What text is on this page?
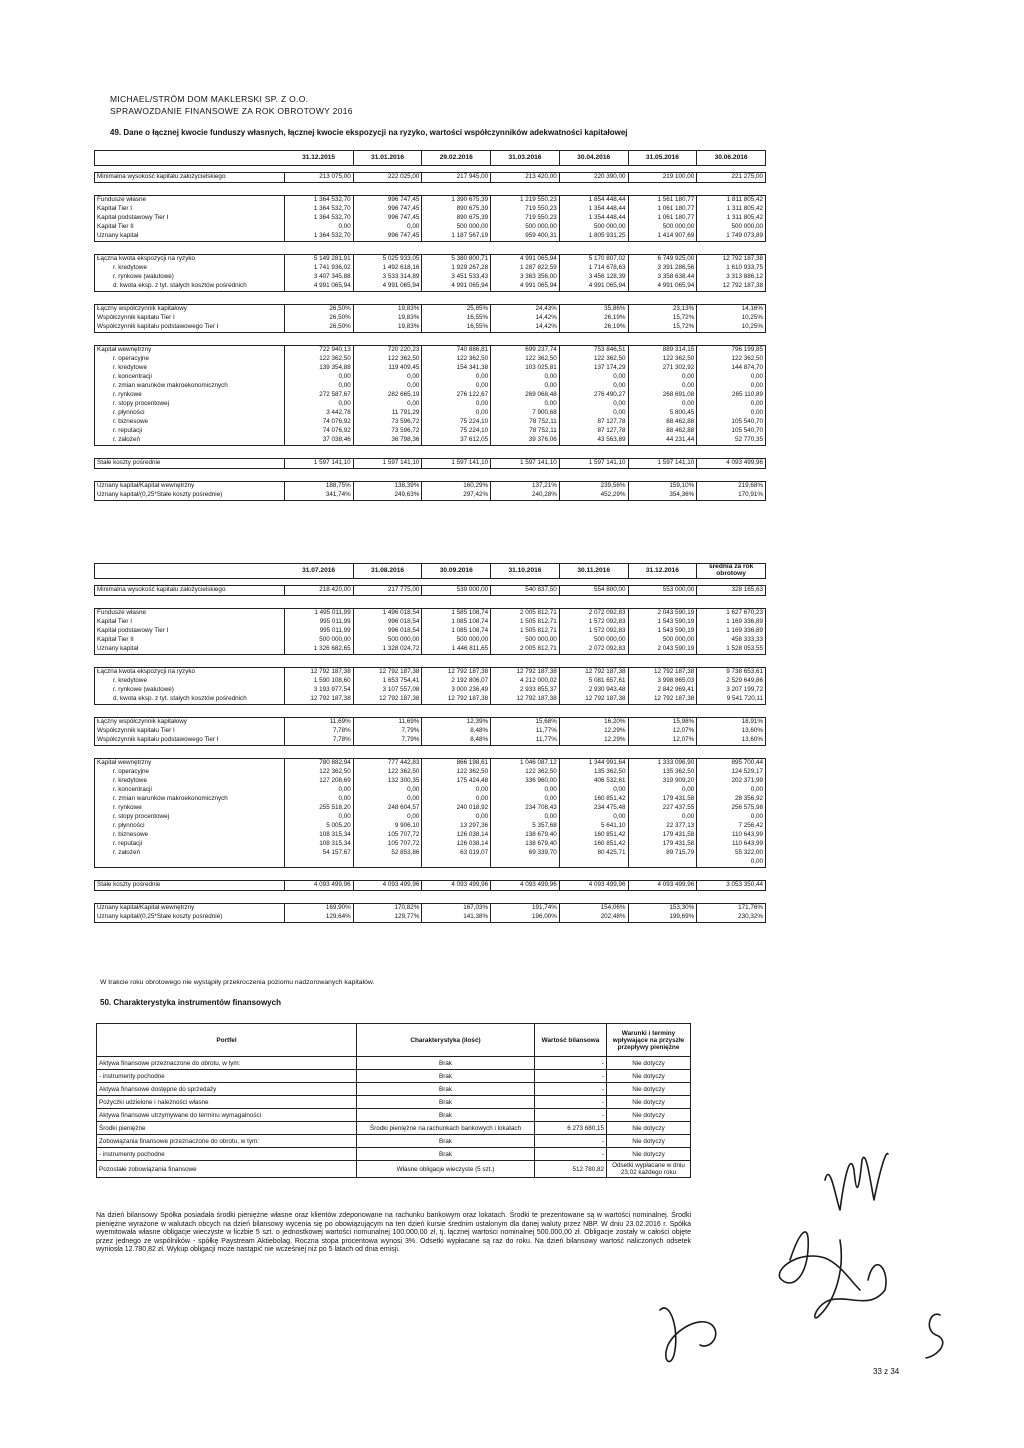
MICHAEL/STRÖM DOM MAKLERSKI SP. Z O.O.
SPRAWOZDANIE FINANSOWE ZA ROK OBROTOWY 2016
49. Dane o łącznej kwocie funduszy własnych, łącznej kwocie ekspozycji na ryzyko, wartości współczynników adekwatności kapitałowej
	31.12.2015	31.01.2016	29.02.2016	31.03.2016	30.04.2016	31.05.2016	30.06.2016

Minimalna wysokość kapitału założycielskiego	213 075,00	222 025,00	217 945,00	213 420,00	220 390,00	219 100,00	221 275,00

Fundusze własne	1 364 532,70	996 747,45	1 390 675,39	1 219 550,23	1 854 448,44	1 561 180,77	1 811 805,42
Kapitał Tier I	1 364 532,70	996 747,45	890 675,39	719 550,23	1 354 448,44	1 061 180,77	1 311 805,42
Kapitał podstawowy Tier I	1 364 532,70	996 747,45	890 675,39	719 550,23	1 354 448,44	1 061 180,77	1 311 805,42
Kapitał Tier II	0,00	0,00	500 000,00	500 000,00	500 000,00	500 000,00	500 000,00
Uznany kapitał	1 364 532,70	996 747,45	1 187 567,19	959 400,31	1 805 931,25	1 414 907,69	1 749 073,89

Łączna kwota ekspozycji na ryzyko	5 149 281,91	5 025 933,05	5 380 800,71	4 991 065,94	5 170 807,02	6 749 925,00	12 792 187,38
r. kredytowe	1 741 936,02	1 492 618,16	1 929 267,28	1 287 822,59	1 714 678,63	3 391 286,56	1 610 933,75
r. rynkowe (walutowe)	3 407 345,88	3 533 314,89	3 451 533,43	3 363 356,00	3 456 128,39	3 358 638,44	3 313 886,12
d. kwota eksp. z tyt. stałych kosztów pośrednich	4 991 065,94	4 991 065,94	4 991 065,94	4 991 065,94	4 991 065,94	4 991 065,94	12 792 187,38

Łączny współczynnik kapitałowy	26,50%	19,83%	25,85%	24,43%	35,86%	23,13%	14,16%
Współczynnik kapitału Tier I	26,50%	19,83%	16,55%	14,42%	26,19%	15,72%	10,25%
Współczynnik kapitału podstawowego Tier I	26,50%	19,83%	16,55%	14,42%	26,19%	15,72%	10,25%

Kapitał wewnętrzny	722 940,13	720 220,23	740 886,81	699 237,74	753 846,51	889 314,15	796 199,85
r. operacyjne	122 362,50	122 362,50	122 362,50	122 362,50	122 362,50	122 362,50	122 362,50
r. kredytowe	139 354,88	119 409,45	154 341,38	103 025,81	137 174,29	271 302,92	144 874,70
r. koncentracji	0,00	0,00	0,00	0,00	0,00	0,00	0,00
r. zmian warunków makroekonomicznych	0,00	0,00	0,00	0,00	0,00	0,00	0,00
r. rynkowe	272 587,67	282 665,19	276 122,67	269 068,48	276 490,27	268 691,08	265 110,89
r. stopy procentowej	0,00	0,00	0,00	0,00	0,00	0,00	0,00
r. płynności	3 442,78	11 791,29	0,00	7 900,68	0,00	5 800,45	0,00
r. biznesowe	74 076,92	73 596,72	75 224,10	78 752,11	87 127,78	88 462,88	105 540,70
r. reputacji	74 076,92	73 596,72	75 224,10	78 752,11	87 127,78	88 462,88	105 540,70
r. założeń	37 038,46	36 798,36	37 612,05	39 376,06	43 563,89	44 231,44	52 770,35

Stałe koszty pośrednie	1 597 141,10	1 597 141,10	1 597 141,10	1 597 141,10	1 597 141,10	1 597 141,10	4 093 499,96

Uznany kapitał/Kapitał wewnętrzny	188,75%	138,39%	160,29%	137,21%	239,56%	159,10%	219,68%
Uznany kapitał/(0,25*Stałe koszty pośrednie)	341,74%	249,63%	297,42%	240,28%	452,29%	354,36%	170,91%
	31.07.2016	31.08.2016	30.09.2016	31.10.2016	30.11.2016	31.12.2016	średnia za rok obrotowy

Minimalna wysokość kapitału założycielskiego	218 420,00	217 775,00	539 000,00	540 837,50	554 800,00	553 000,00	328 165,63

Fundusze własne	1 495 011,99	1 496 018,54	1 585 108,74	2 005 812,71	2 072 092,83	2 043 590,19	1 627 670,23
Kapitał Tier I	995 011,99	996 018,54	1 085 108,74	1 505 812,71	1 572 092,83	1 543 590,19	1 169 336,89
Kapitał podstawowy Tier I	995 011,99	996 018,54	1 085 108,74	1 505 812,71	1 572 092,83	1 543 590,19	1 169 336,89
Kapitał Tier II	500 000,00	500 000,00	500 000,00	500 000,00	500 000,00	500 000,00	458 333,33
Uznany kapitał	1 326 682,65	1 328 024,72	1 446 811,65	2 005 812,71	2 072 092,83	2 043 590,19	1 528 053,55

Łączna kwota ekspozycji na ryzyko	12 792 187,38	12 792 187,38	12 792 187,38	12 792 187,38	12 792 187,38	12 792 187,38	9 738 653,61
r. kredytowe	1 590 108,60	1 653 754,41	2 192 806,07	4 212 000,02	5 081 657,61	3 998 865,03	2 529 649,86
r. rynkowe (walutowe)	3 193 977,54	3 107 557,08	3 000 236,49	2 933 855,37	2 930 943,48	2 842 969,41	3 207 199,72
d. kwota eksp. z tyt. stałych kosztów pośrednich	12 792 187,38	12 792 187,38	12 792 187,38	12 792 187,38	12 792 187,38	12 792 187,38	9 541 720,11

Łączny współczynnik kapitałowy	11,69%	11,69%	12,39%	15,68%	16,20%	15,98%	18,91%
Współczynnik kapitału Tier I	7,78%	7,79%	8,48%	11,77%	12,29%	12,07%	13,60%
Współczynnik kapitału podstawowego Tier I	7,78%	7,79%	8,48%	11,77%	12,29%	12,07%	13,60%

Kapitał wewnętrzny	780 882,94	777 442,83	866 198,61	1 046 087,12	1 344 991,64	1 333 096,90	895 700,44
r. operacyjne	122 362,50	122 362,50	122 362,50	122 362,50	135 362,50	135 362,50	124 529,17
r. kredytowe	127 208,69	132 300,35	175 424,48	336 960,00	406 532,61	319 909,20	202 371,99
r. koncentracji	0,00	0,00	0,00	0,00	0,00	0,00	0,00
r. zmian warunków makroekonomicznych	0,00	0,00	0,00	0,00	160 851,42	179 431,58	28 356,92
r. rynkowe	255 518,20	248 604,57	240 018,92	234 708,43	234 475,48	227 437,55	256 575,98
r. stopy procentowej	0,00	0,00	0,00	0,00	0,00	0,00	0,00
r. płynności	5 005,20	9 906,10	13 297,36	5 357,68	5 641,10	22 377,13	7 256,42
r. biznesowe	108 315,34	105 707,72	126 038,14	138 679,40	160 851,42	179 431,58	110 643,99
r. reputacji	108 315,34	105 707,72	126 038,14	138 679,40	160 851,42	179 431,58	110 643,99
r. założeń	54 157,67	52 853,86	63 019,07	69 339,70	80 425,71	89 715,79	55 322,00
							0,00

Stałe koszty pośrednie	4 093 499,96	4 093 499,96	4 093 499,96	4 093 499,96	4 093 499,96	4 093 499,96	3 053 350,44

Uznany kapitał/Kapitał wewnętrzny	169,90%	170,82%	167,03%	191,74%	154,06%	153,30%	171,76%
Uznany kapitał/(0,25*Stałe koszty pośrednie)	129,64%	129,77%	141,38%	196,00%	202,48%	199,69%	230,32%
W trakcie roku obrotowego nie wystąpiły przekroczenia poziomu nadzorowanych kapitałów.
50. Charakterystyka instrumentów finansowych
Portfel	Charakterystyka (ilość)	Wartość bilansowa	Warunki i terminy wpływające na przyszłe przepływy pieniężne
Aktywa finansowe przeznaczone do obrotu, w tym:	Brak	-	Nie dotyczy
- instrumenty pochodne	Brak	-	Nie dotyczy
Aktywa finansowe dostępne do sprzedaży	Brak	-	Nie dotyczy
Pożyczki udzielone i należności własne	Brak	-	Nie dotyczy
Aktywa finansowe utrzymywane do terminu wymagalności	Brak	-	Nie dotyczy
Środki pieniężne	Środki pieniężne na rachunkach bankowych i lokatach	6 273 680,15	Nie dotyczy
Zobowiązania finansowe przeznaczone do obrotu, w tym:	Brak	-	Nie dotyczy
- instrumenty pochodne	Brak	-	Nie dotyczy
Pozostałe zobowiązania finansowe	Własne obligacje wieczyste (5 szt.)	512 780,82	Odsetki wypłacane w dniu 23,02 każdego roku
Na dzień bilansowy Spółka posiadała środki pieniężne własne oraz klientów zdeponowane na rachunku bankowym oraz lokatach. Środki te prezentowane są w wartości nominalnej. Środki pieniężne wyrażone w walutach obcych na dzień bilansowy wycenia się po obowiązującym na ten dzień kursie średnim ustalonym dla danej waluty przez NBP. W dniu 23.02.2016 r. Spółka wyemitowała własne obligacje wieczyste w liczbie 5 szt. o jednostkowej wartości nomunalnej 100.000,00 zł, tj. łącznej wartości nominalnej 500.000,00 zł. Obligacje zostały w całości objęte przez jednego ze wspólników - spółkę Paystream Aktiebolag. Roczna stopa procentowa wynosi 3%. Odsetki wypłacane są raz do roku. Na dzień bilansowy wartość naliczonych odsetek wyniosła 12.780,82 zł. Wykup obligacji może nastąpić nie wcześniej niż po 5 latach od dnia emisji.
33 z 34
